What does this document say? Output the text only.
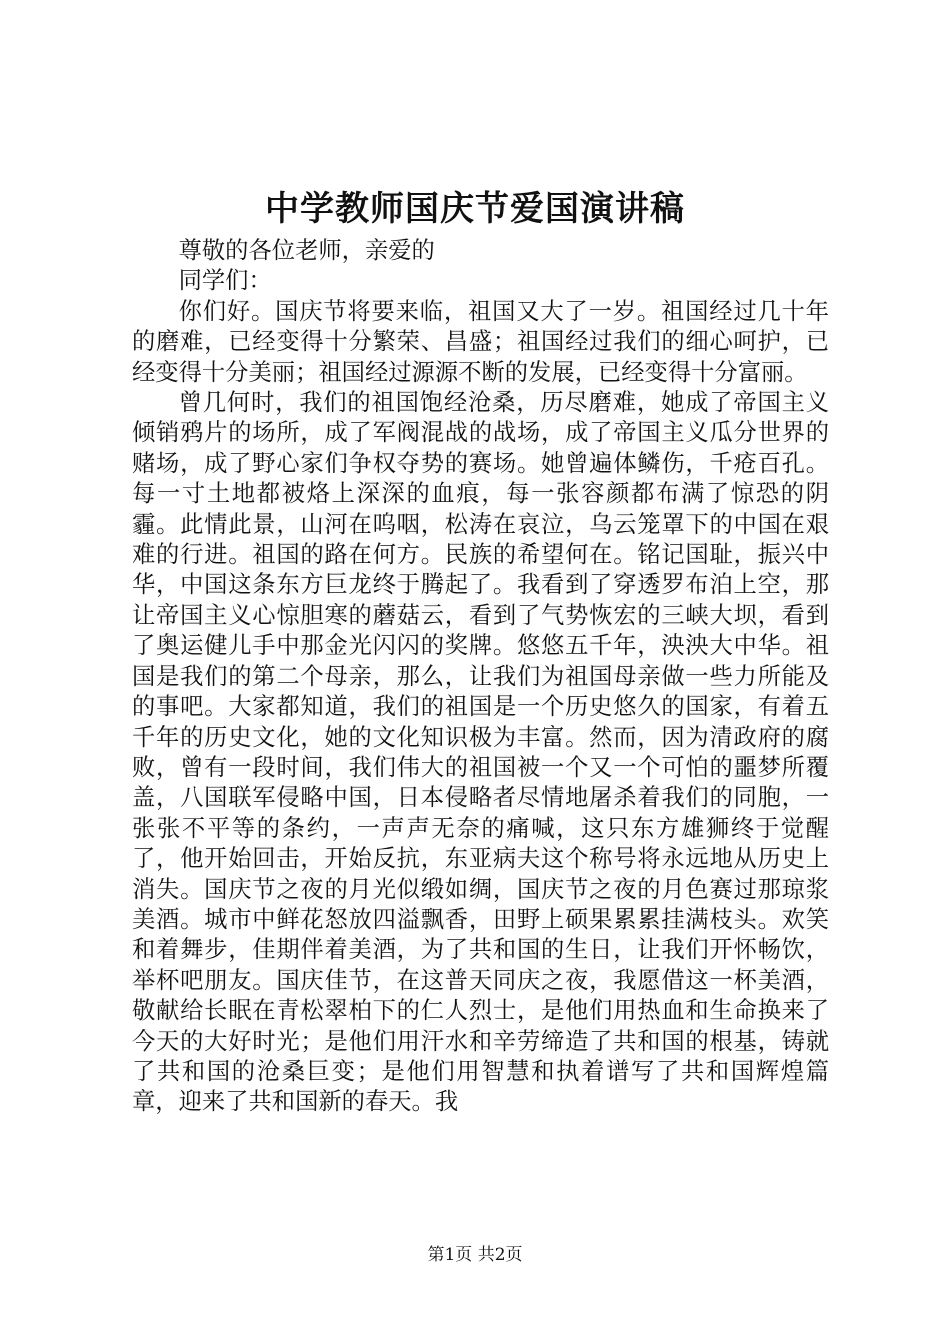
中学教师国庆节爱国演讲稿

尊敬的各位老师，亲爱的

同学们：

你们好。国庆节将要来临，祖国又大了一岁。祖国经过几十年的磨难，已经变得十分繁荣、昌盛；祖国经过我们的细心呵护，已经变得十分美丽；祖国经过源源不断的发展，已经变得十分富丽。

曾几何时，我们的祖国饱经沧桑，历尽磨难，她成了帝国主义倾销鸦片的场所，成了军阀混战的战场，成了帝国主义瓜分世界的赌场，成了野心家们争权夺势的赛场。她曾遍体鳞伤，千疮百孔。每一寸土地都被烙上深深的血痕，每一张容颜都布满了惊恐的阴霾。此情此景，山河在呜咽，松涛在哀泣，乌云笼罩下的中国在艰难的行进。祖国的路在何方。民族的希望何在。铭记国耻，振兴中华，中国这条东方巨龙终于腾起了。我看到了穿透罗布泊上空，那让帝国主义心惊胆寒的蘑菇云，看到了气势恢宏的三峡大坝，看到了奥运健儿手中那金光闪闪的奖牌。悠悠五千年，泱泱大中华。祖国是我们的第二个母亲，那么，让我们为祖国母亲做一些力所能及的事吧。大家都知道，我们的祖国是一个历史悠久的国家，有着五千年的历史文化，她的文化知识极为丰富。然而，因为清政府的腐败，曾有一段时间，我们伟大的祖国被一个又一个可怕的噩梦所覆盖，八国联军侵略中国，日本侵略者尽情地屠杀着我们的同胞，一张张不平等的条约，一声声无奈的痛喊，这只东方雄狮终于觉醒了，他开始回击，开始反抗，东亚病夫这个称号将永远地从历史上消失。国庆节之夜的月光似缎如绸，国庆节之夜的月色赛过那琼浆美酒。城市中鲜花怒放四溢飘香，田野上硕果累累挂满枝头。欢笑和着舞步，佳期伴着美酒，为了共和国的生日，让我们开怀畅饮，举杯吧朋友。国庆佳节，在这普天同庆之夜，我愿借这一杯美酒，敬献给长眠在青松翠柏下的仁人烈士，是他们用热血和生命换来了今天的大好时光；是他们用汗水和辛劳缔造了共和国的根基，铸就了共和国的沧桑巨变；是他们用智慧和执着谱写了共和国辉煌篇章，迎来了共和国新的春天。我

第1页 共2页
